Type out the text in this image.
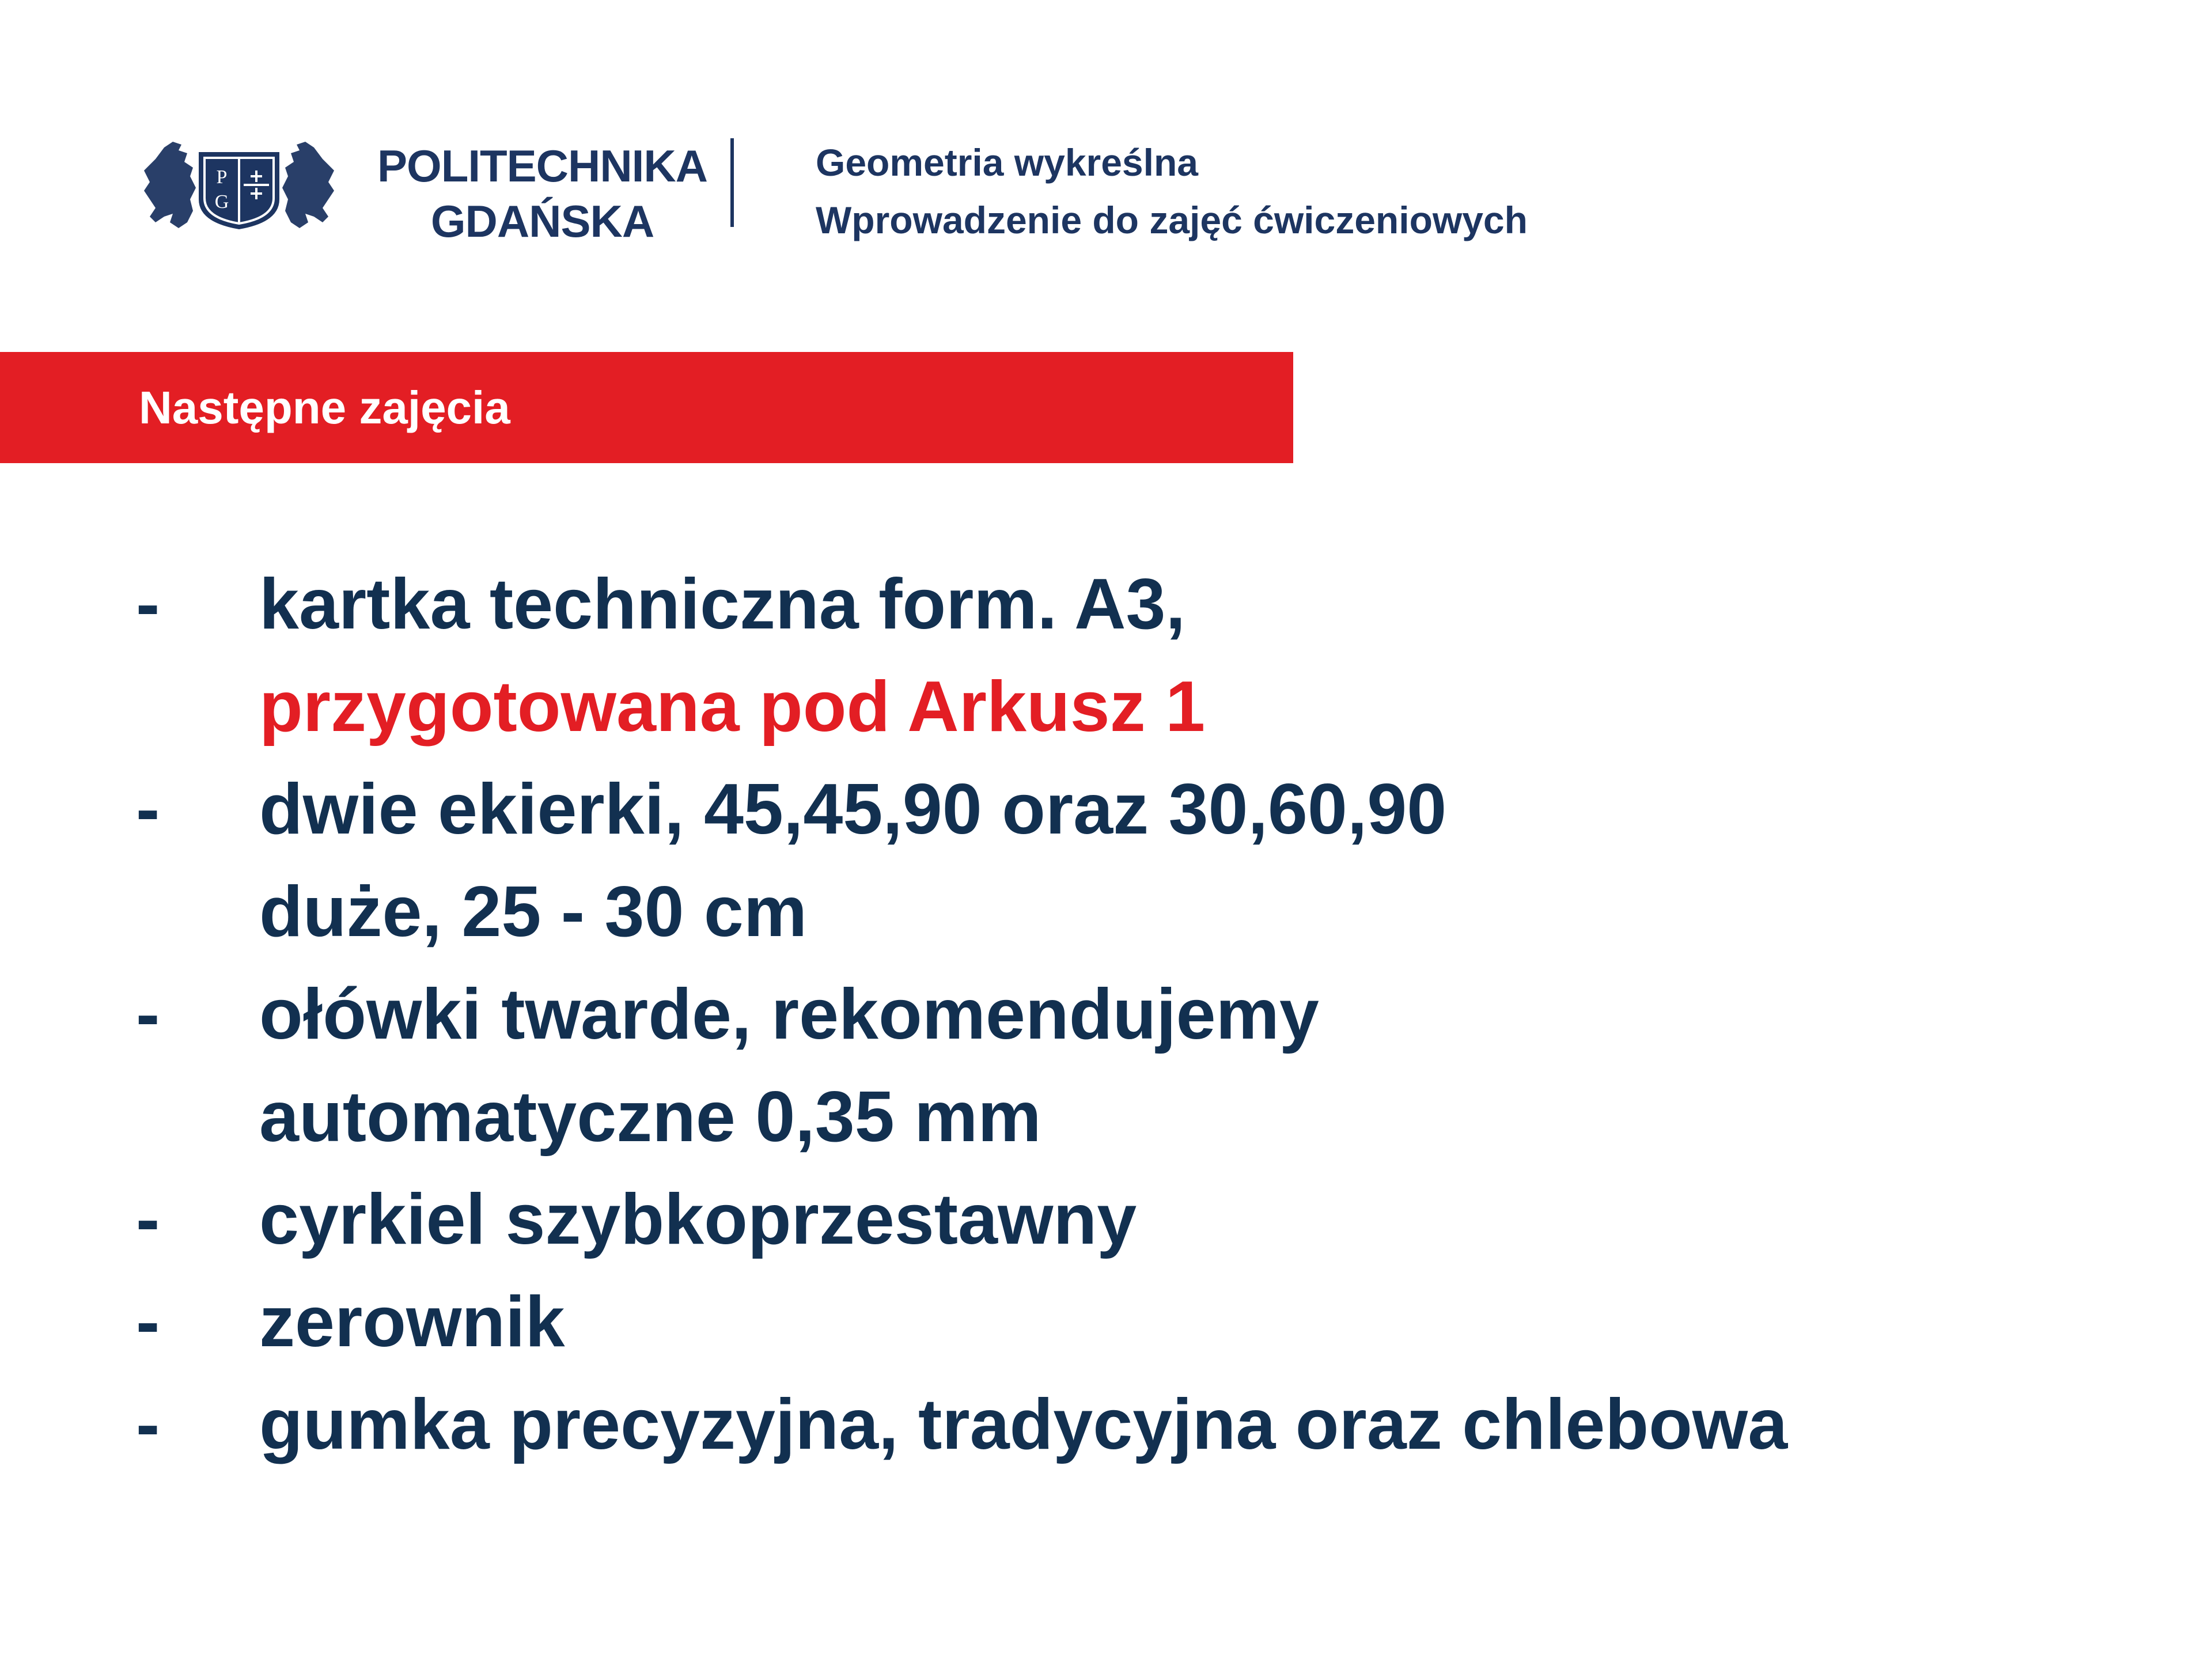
P
G
POLITECHNIKA
GDAŃSKA
Geometria wykreślna
Wprowadzenie do zajęć ćwiczeniowych
Następne zajęcia
- kartka techniczna form. A3,
przygotowana pod Arkusz 1
- dwie ekierki, 45,45,90 oraz 30,60,90
duże, 25 - 30 cm
- ołówki twarde, rekomendujemy
automatyczne 0,35 mm
- cyrkiel szybkoprzestawny
- zerownik
- gumka precyzyjna, tradycyjna oraz chlebowa
